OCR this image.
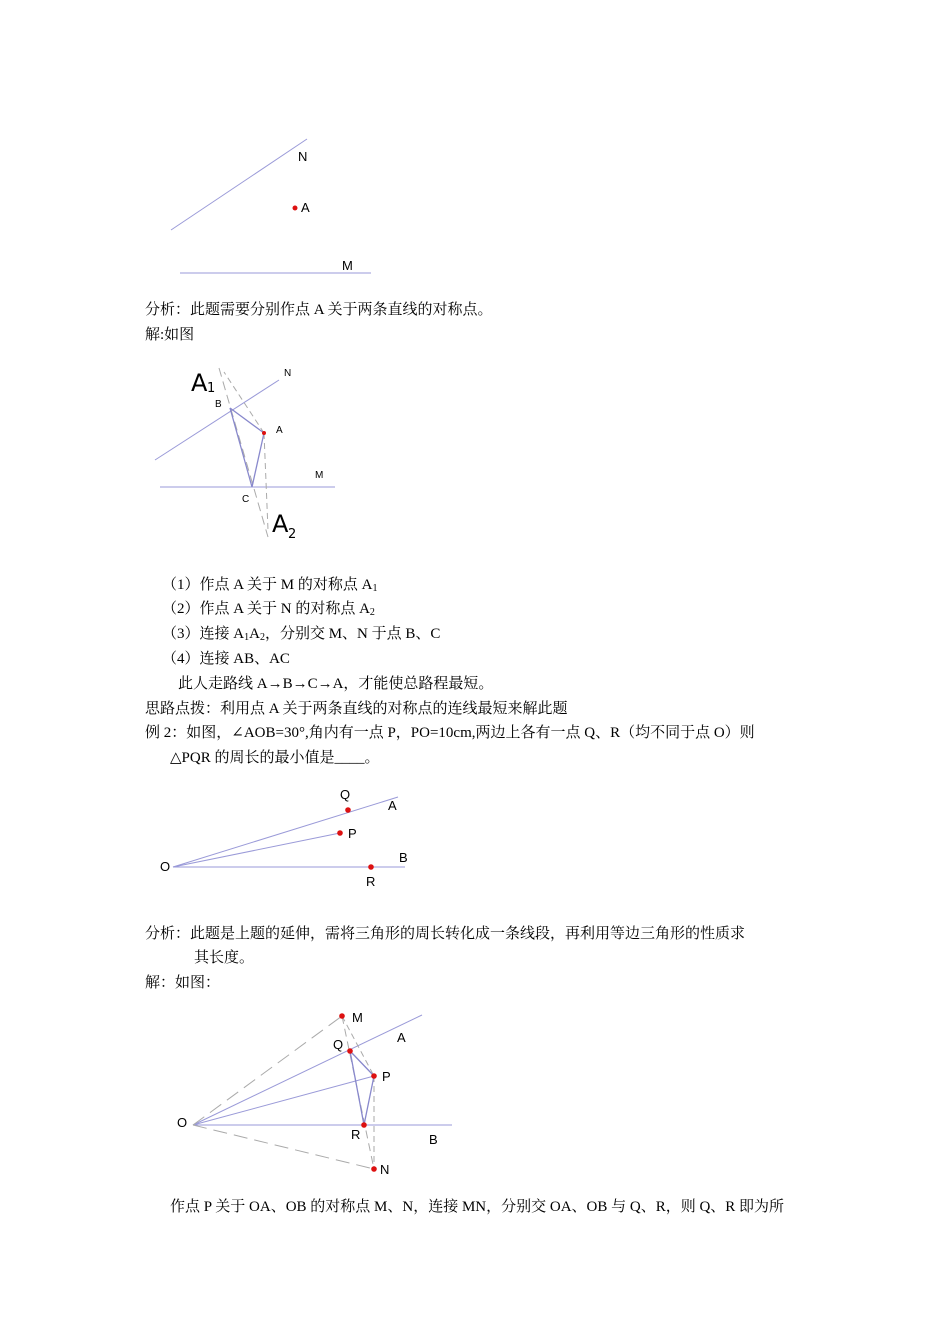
N
A
M
分析：此题需要分别作点 A 关于两条直线的对称点。
解:如图
A 1
N
B
A
M
C
A 2
（1）作点 A 关于 M 的对称点 $A_1$
（2）作点 A 关于 N 的对称点 $A_2$
（3）连接 $A_1A_2$，分别交 M、N 于点 B、C
（4）连接 AB、AC
此人走路线 A→B→C→A，才能使总路程最短。
思路点拨：利用点 A 关于两条直线的对称点的连线最短来解此题
例 2：如图，∠AOB=30°,角内有一点 P，PO=10cm,两边上各有一点 Q、R（均不同于点 O）则
△PQR 的周长的最小值是____。
Q
A
P
O
B
R
分析：此题是上题的延伸，需将三角形的周长转化成一条线段，再利用等边三角形的性质求
其长度。
解：如图：
M
A
Q
P
O
R	B
N
作点 P 关于 OA、OB 的对称点 M、N，连接 MN，分别交 OA、OB 与 Q、R，则 Q、R 即为所
